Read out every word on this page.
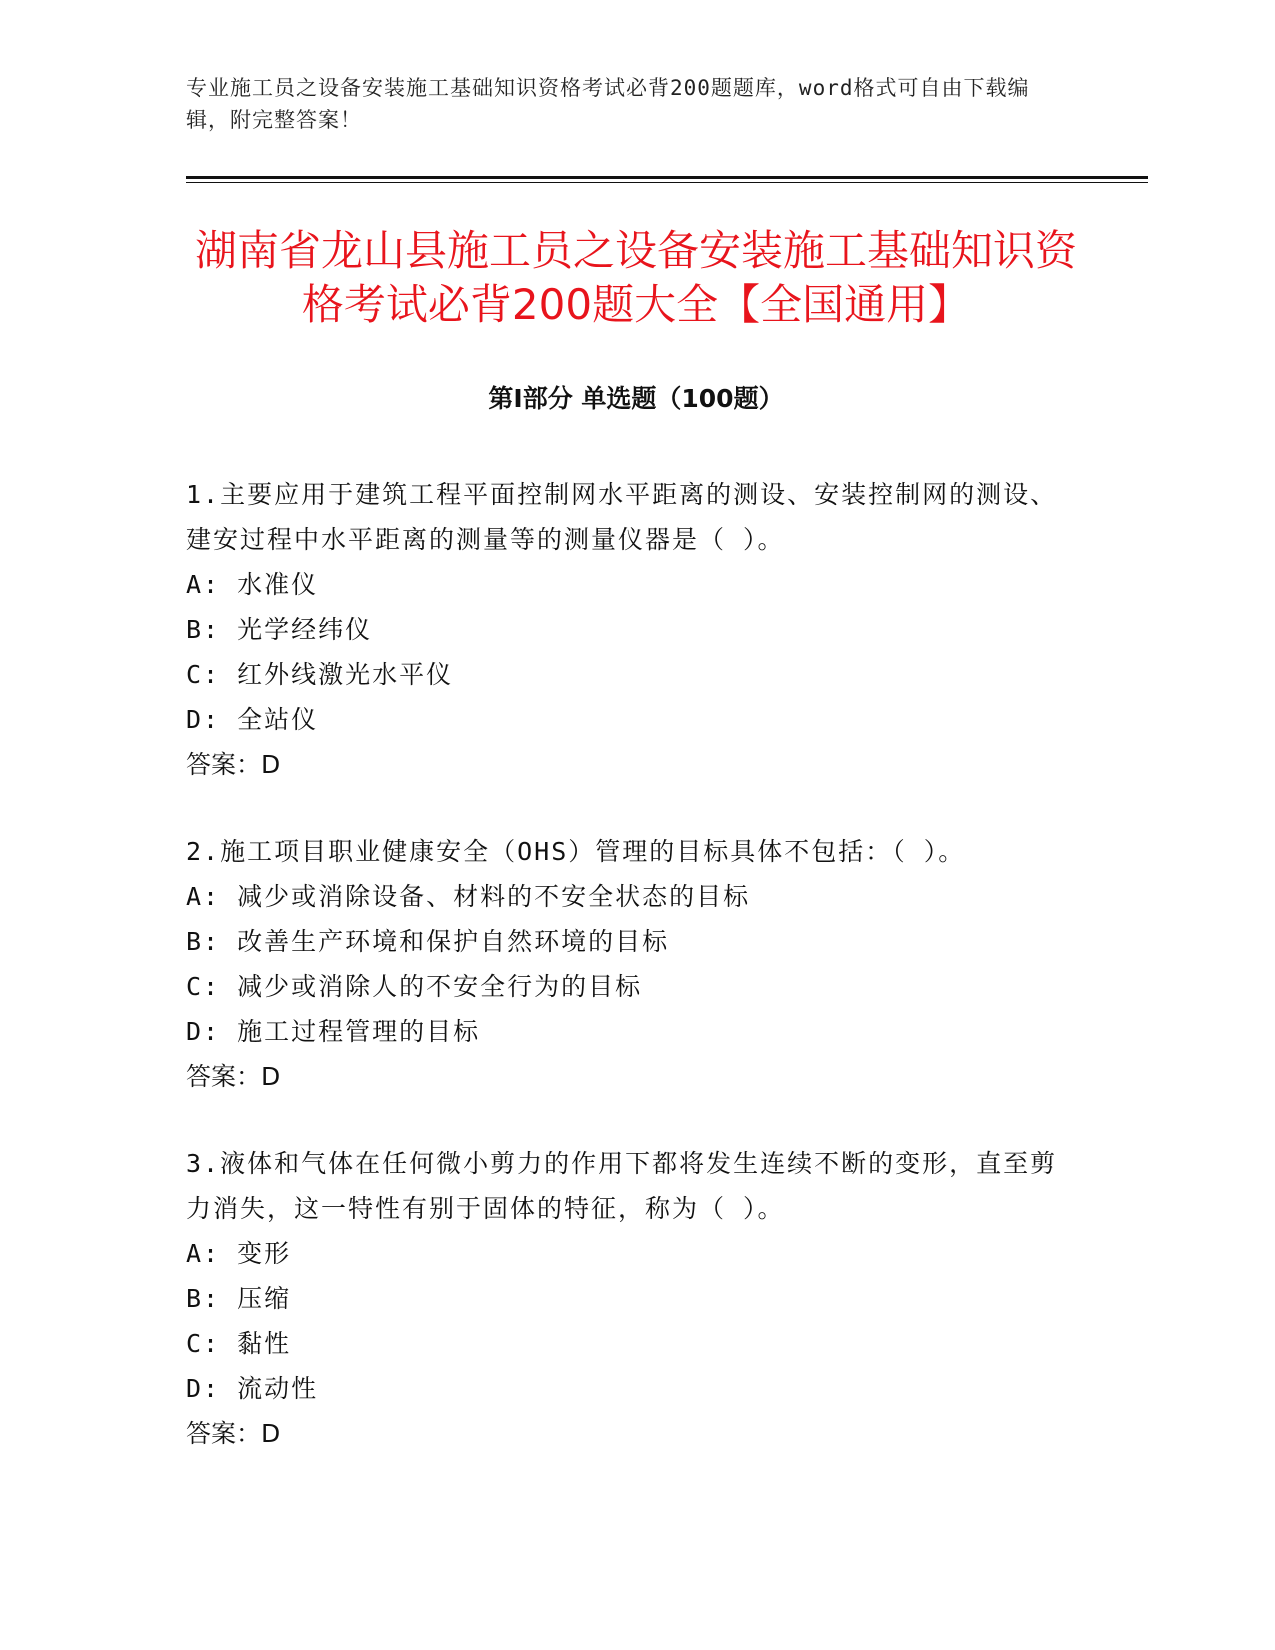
专业施工员之设备安装施工基础知识资格考试必背200题题库，word格式可自由下载编辑，附完整答案！
湖南省龙山县施工员之设备安装施工基础知识资格考试必背200题大全【全国通用】
第I部分 单选题（100题）

1.主要应用于建筑工程平面控制网水平距离的测设、安装控制网的测设、建安过程中水平距离的测量等的测量仪器是（ ）。

A: 水准仪

B: 光学经纬仪

C: 红外线激光水平仪

D: 全站仪

答案：D

2.施工项目职业健康安全（OHS）管理的目标具体不包括：（ ）。

A: 减少或消除设备、材料的不安全状态的目标

B: 改善生产环境和保护自然环境的目标

C: 减少或消除人的不安全行为的目标

D: 施工过程管理的目标

答案：D

3.液体和气体在任何微小剪力的作用下都将发生连续不断的变形，直至剪力消失，这一特性有别于固体的特征，称为（ ）。

A: 变形

B: 压缩

C: 黏性

D: 流动性

答案：D
